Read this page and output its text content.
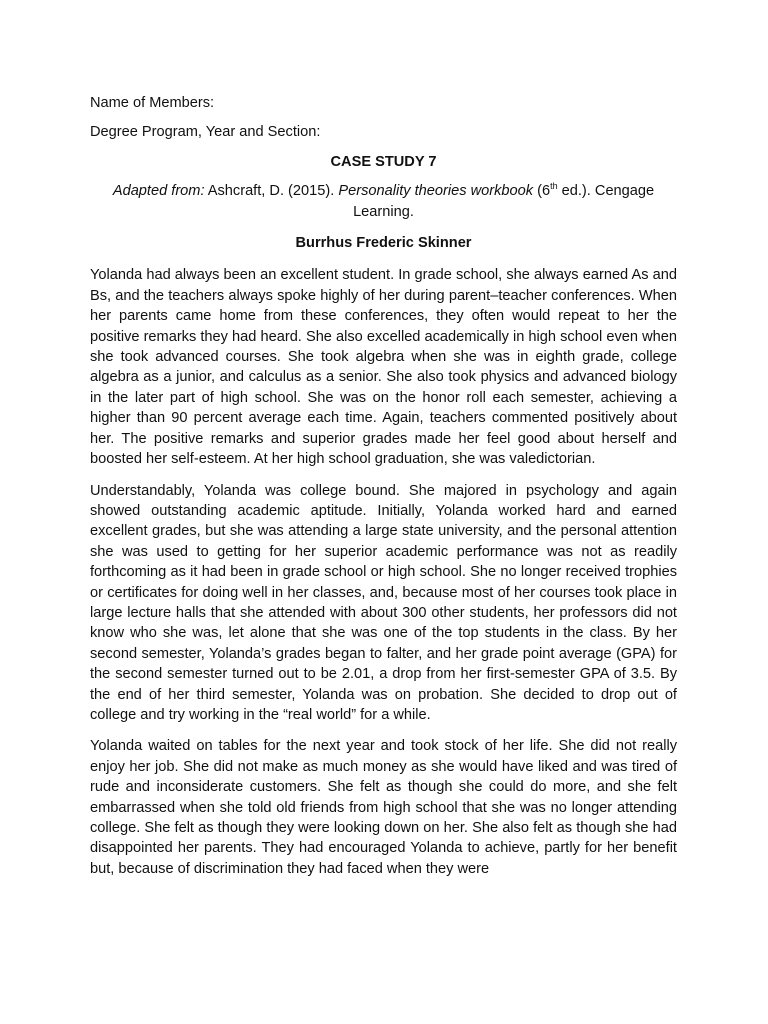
Name of Members:

Degree Program, Year and Section:

CASE STUDY 7

Adapted from: Ashcraft, D. (2015). Personality theories workbook (6th ed.). Cengage Learning.

Burrhus Frederic Skinner

Yolanda had always been an excellent student. In grade school, she always earned As and Bs, and the teachers always spoke highly of her during parent–teacher conferences. When her parents came home from these conferences, they often would repeat to her the positive remarks they had heard. She also excelled academically in high school even when she took advanced courses. She took algebra when she was in eighth grade, college algebra as a junior, and calculus as a senior. She also took physics and advanced biology in the later part of high school. She was on the honor roll each semester, achieving a higher than 90 percent average each time. Again, teachers commented positively about her. The positive remarks and superior grades made her feel good about herself and boosted her self-esteem. At her high school graduation, she was valedictorian.

Understandably, Yolanda was college bound. She majored in psychology and again showed outstanding academic aptitude. Initially, Yolanda worked hard and earned excellent grades, but she was attending a large state university, and the personal attention she was used to getting for her superior academic performance was not as readily forthcoming as it had been in grade school or high school. She no longer received trophies or certificates for doing well in her classes, and, because most of her courses took place in large lecture halls that she attended with about 300 other students, her professors did not know who she was, let alone that she was one of the top students in the class. By her second semester, Yolanda’s grades began to falter, and her grade point average (GPA) for the second semester turned out to be 2.01, a drop from her first-semester GPA of 3.5. By the end of her third semester, Yolanda was on probation. She decided to drop out of college and try working in the “real world” for a while.

Yolanda waited on tables for the next year and took stock of her life. She did not really enjoy her job. She did not make as much money as she would have liked and was tired of rude and inconsiderate customers. She felt as though she could do more, and she felt embarrassed when she told old friends from high school that she was no longer attending college. She felt as though they were looking down on her. She also felt as though she had disappointed her parents. They had encouraged Yolanda to achieve, partly for her benefit but, because of discrimination they had faced when they were
